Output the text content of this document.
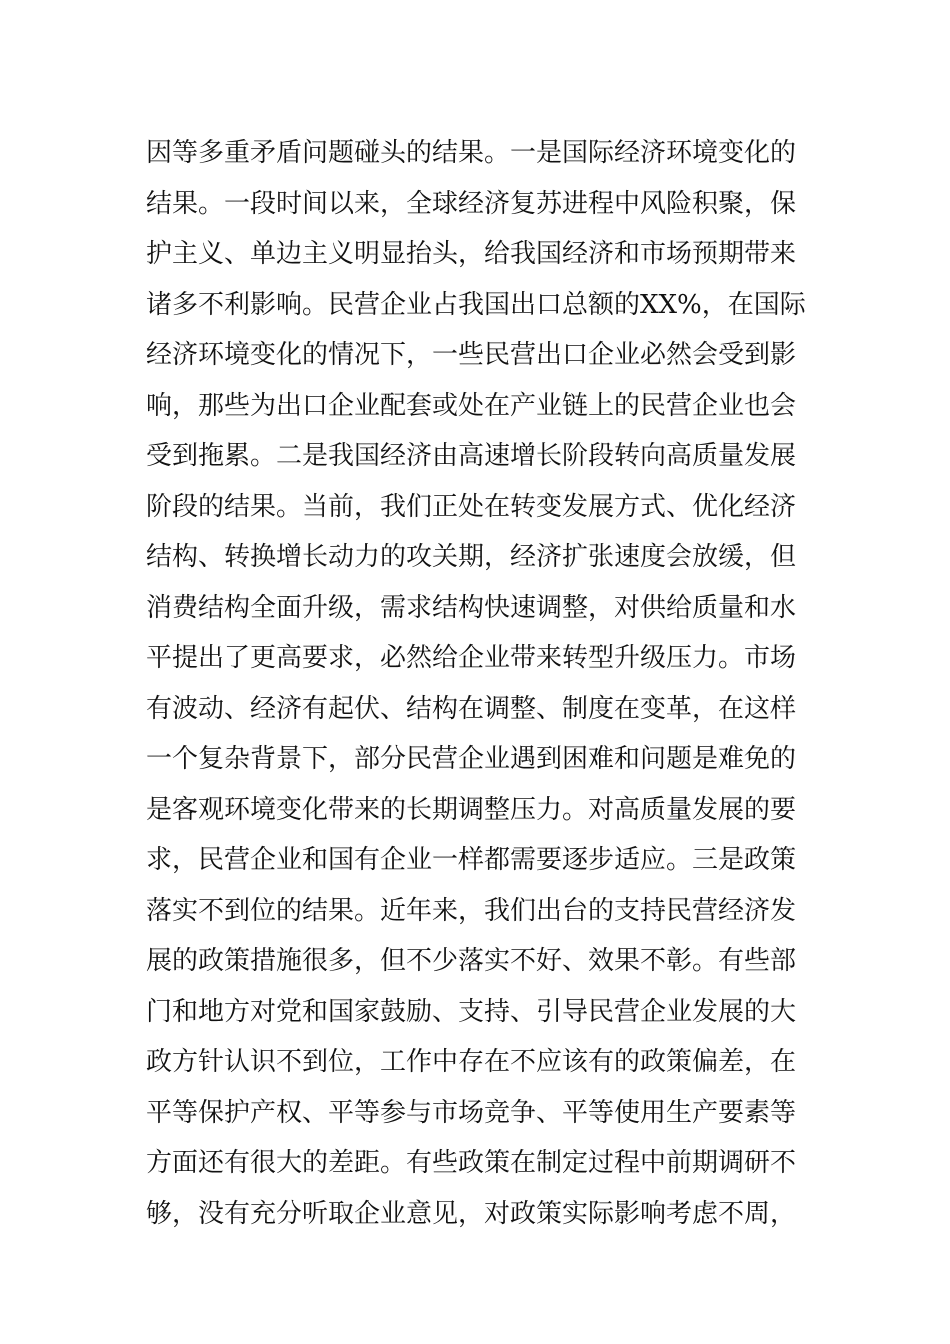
因等多重矛盾问题碰头的结果。一是国际经济环境变化的
结果。一段时间以来，全球经济复苏进程中风险积聚，保
护主义、单边主义明显抬头，给我国经济和市场预期带来
诸多不利影响。民营企业占我国出口总额的XX%，在国际
经济环境变化的情况下，一些民营出口企业必然会受到影
响，那些为出口企业配套或处在产业链上的民营企业也会
受到拖累。二是我国经济由高速增长阶段转向高质量发展
阶段的结果。当前，我们正处在转变发展方式、优化经济
结构、转换增长动力的攻关期，经济扩张速度会放缓，但
消费结构全面升级，需求结构快速调整，对供给质量和水
平提出了更高要求，必然给企业带来转型升级压力。市场
有波动、经济有起伏、结构在调整、制度在变革，在这样
一个复杂背景下，部分民营企业遇到困难和问题是难免的
是客观环境变化带来的长期调整压力。对高质量发展的要
求，民营企业和国有企业一样都需要逐步适应。三是政策
落实不到位的结果。近年来，我们出台的支持民营经济发
展的政策措施很多，但不少落实不好、效果不彰。有些部
门和地方对党和国家鼓励、支持、引导民营企业发展的大
政方针认识不到位，工作中存在不应该有的政策偏差，在
平等保护产权、平等参与市场竞争、平等使用生产要素等
方面还有很大的差距。有些政策在制定过程中前期调研不
够，没有充分听取企业意见，对政策实际影响考虑不周，
